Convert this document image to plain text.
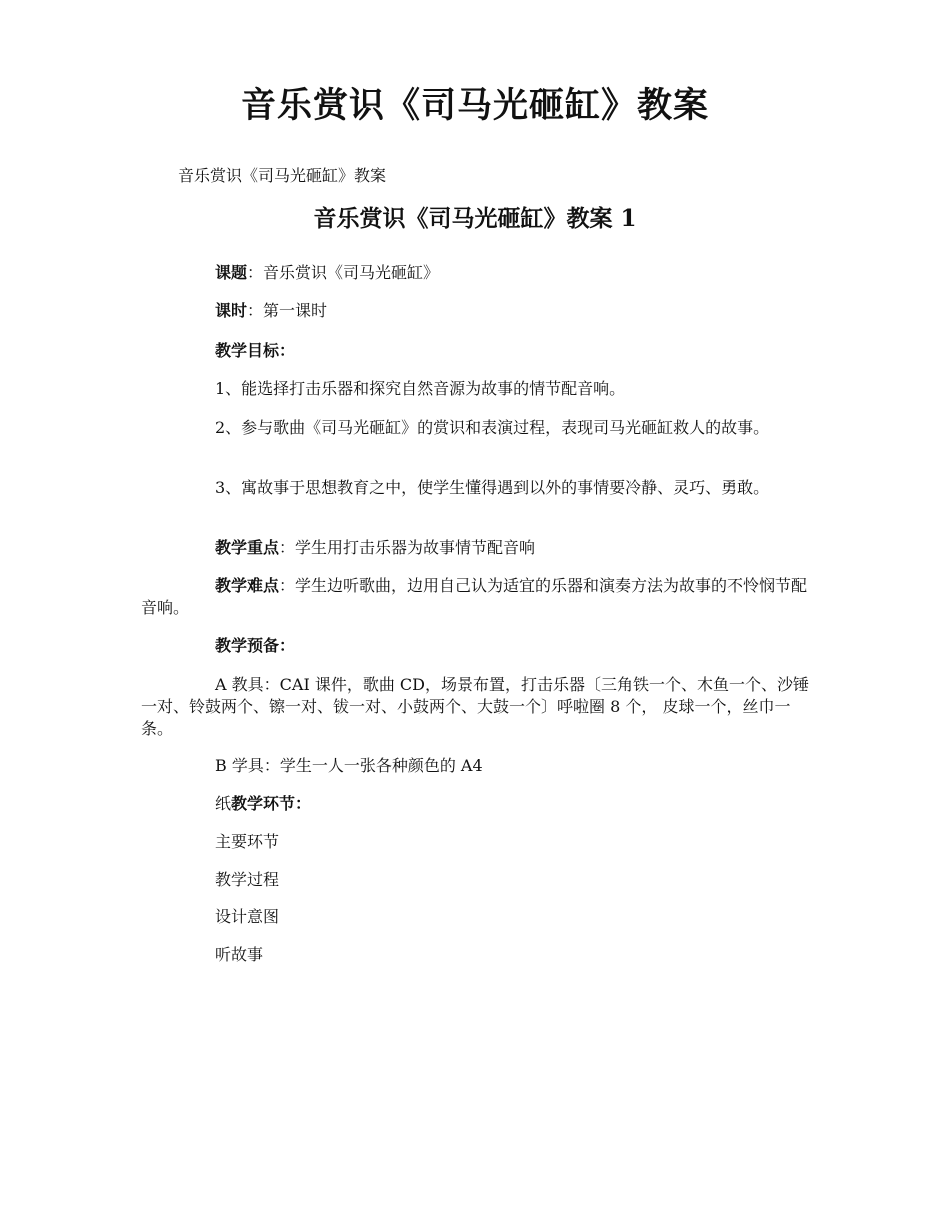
音乐赏识《司马光砸缸》教案
音乐赏识《司马光砸缸》教案
音乐赏识《司马光砸缸》教案 1
课题：音乐赏识《司马光砸缸》
课时：第一课时
教学目标：
1、能选择打击乐器和探究自然音源为故事的情节配音响。
2、参与歌曲《司马光砸缸》的赏识和表演过程，表现司马光砸缸救人的故事。
3、寓故事于思想教育之中，使学生懂得遇到以外的事情要冷静、灵巧、勇敢。
教学重点：学生用打击乐器为故事情节配音响
教学难点：学生边听歌曲，边用自己认为适宜的乐器和演奏方法为故事的不怜悯节配音响。
教学预备：
A 教具：CAI 课件，歌曲 CD，场景布置，打击乐器〔三角铁一个、木鱼一个、沙锤一对、铃鼓两个、镲一对、钹一对、小鼓两个、大鼓一个〕呼啦圈 8 个， 皮球一个，丝巾一条。
B 学具：学生一人一张各种颜色的 A4
纸教学环节：
主要环节
教学过程
设计意图
听故事
